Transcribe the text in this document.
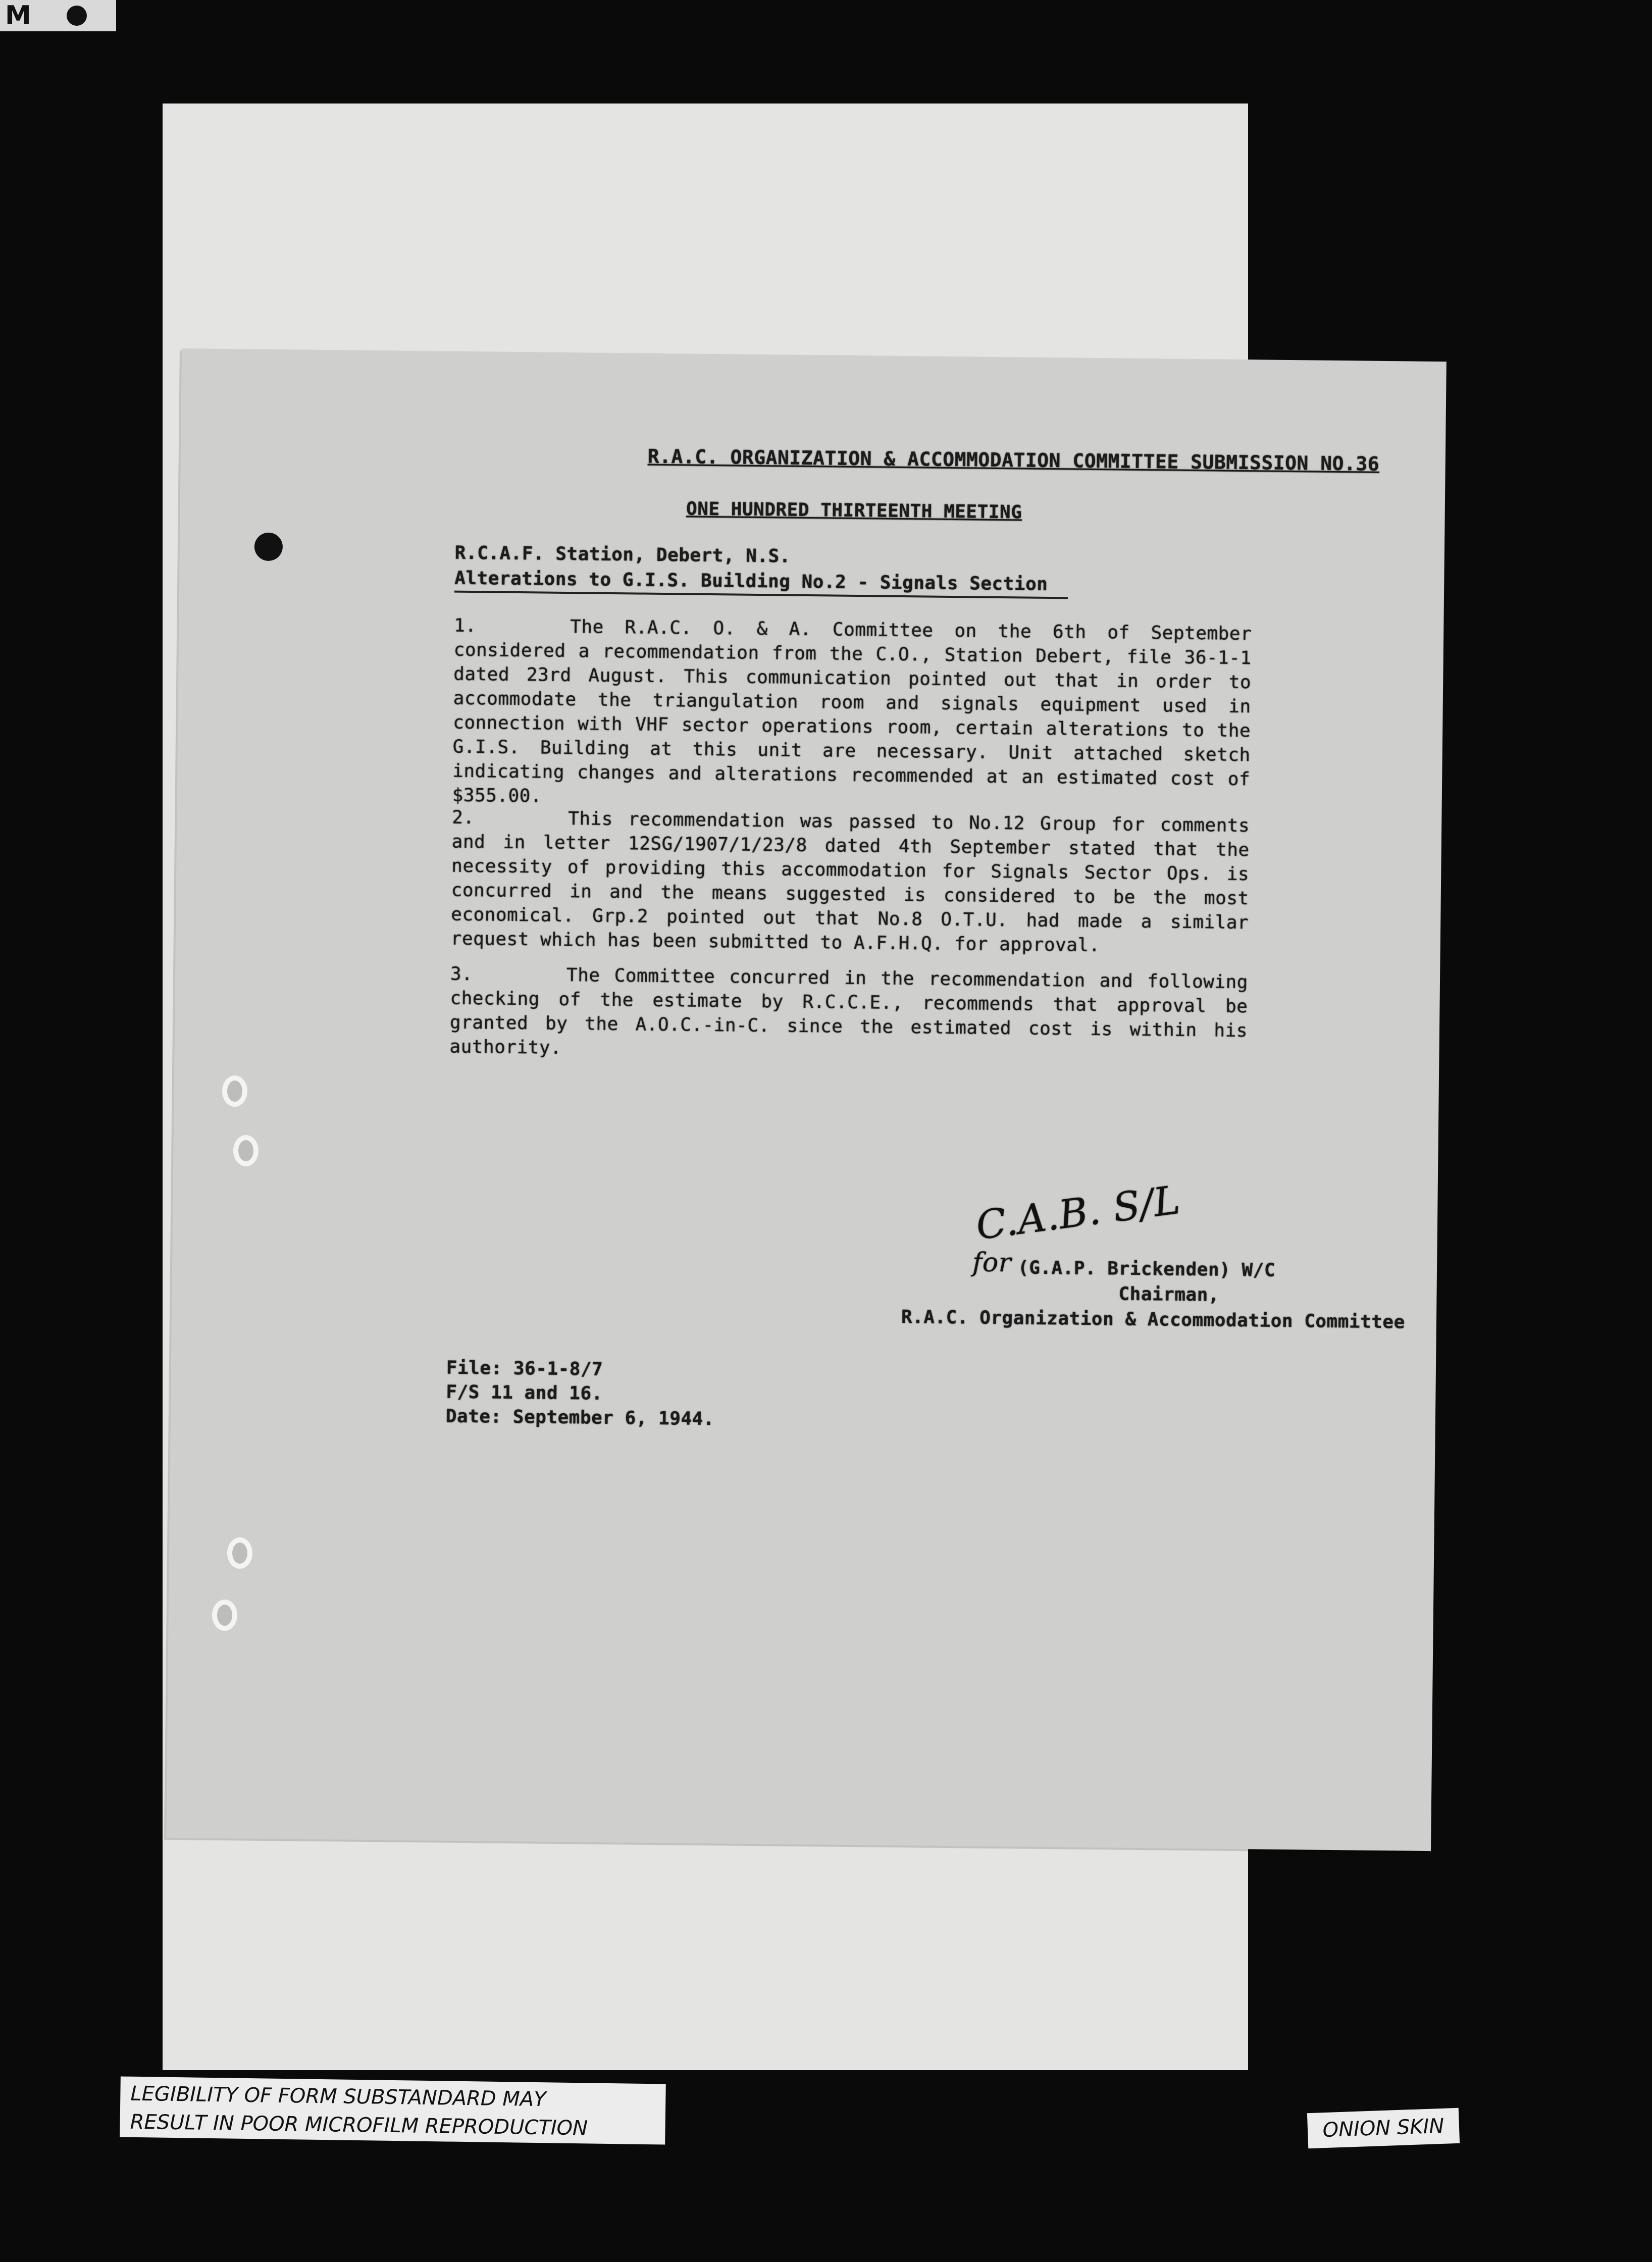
M
R.A.C. ORGANIZATION & ACCOMMODATION COMMITTEE SUBMISSION NO.36
ONE HUNDRED THIRTEENTH MEETING
R.C.A.F. Station, Debert, N.S.
Alterations to G.I.S. Building No.2 - Signals Section
1.	The R.A.C. O. & A. Committee on the 6th of September considered a recommendation from the C.O., Station Debert, file 36-1-1 dated 23rd August. This communication pointed out that in order to accommodate the triangulation room and signals equipment used in connection with VHF sector operations room, certain alterations to the G.I.S. Building at this unit are necessary. Unit attached sketch indicating changes and alterations recommended at an estimated cost of $355.00.
2.	This recommendation was passed to No.12 Group for comments and in letter 12SG/1907/1/23/8 dated 4th September stated that the necessity of providing this accommodation for Signals Sector Ops. is concurred in and the means suggested is considered to be the most economical. Grp.2 pointed out that No.8 O.T.U. had made a similar request which has been submitted to A.F.H.Q. for approval.
3.	The Committee concurred in the recommendation and following checking of the estimate by R.C.C.E., recommends that approval be granted by the A.O.C.-in-C. since the estimated cost is within his authority.
C.A.B. S/L
for (G.A.P. Brickenden) W/C
Chairman,
R.A.C. Organization & Accommodation Committee
File: 36-1-8/7
F/S 11 and 16.
Date: September 6, 1944.
LEGIBILITY OF FORM SUBSTANDARD MAY
RESULT IN POOR MICROFILM REPRODUCTION	ONION SKIN
